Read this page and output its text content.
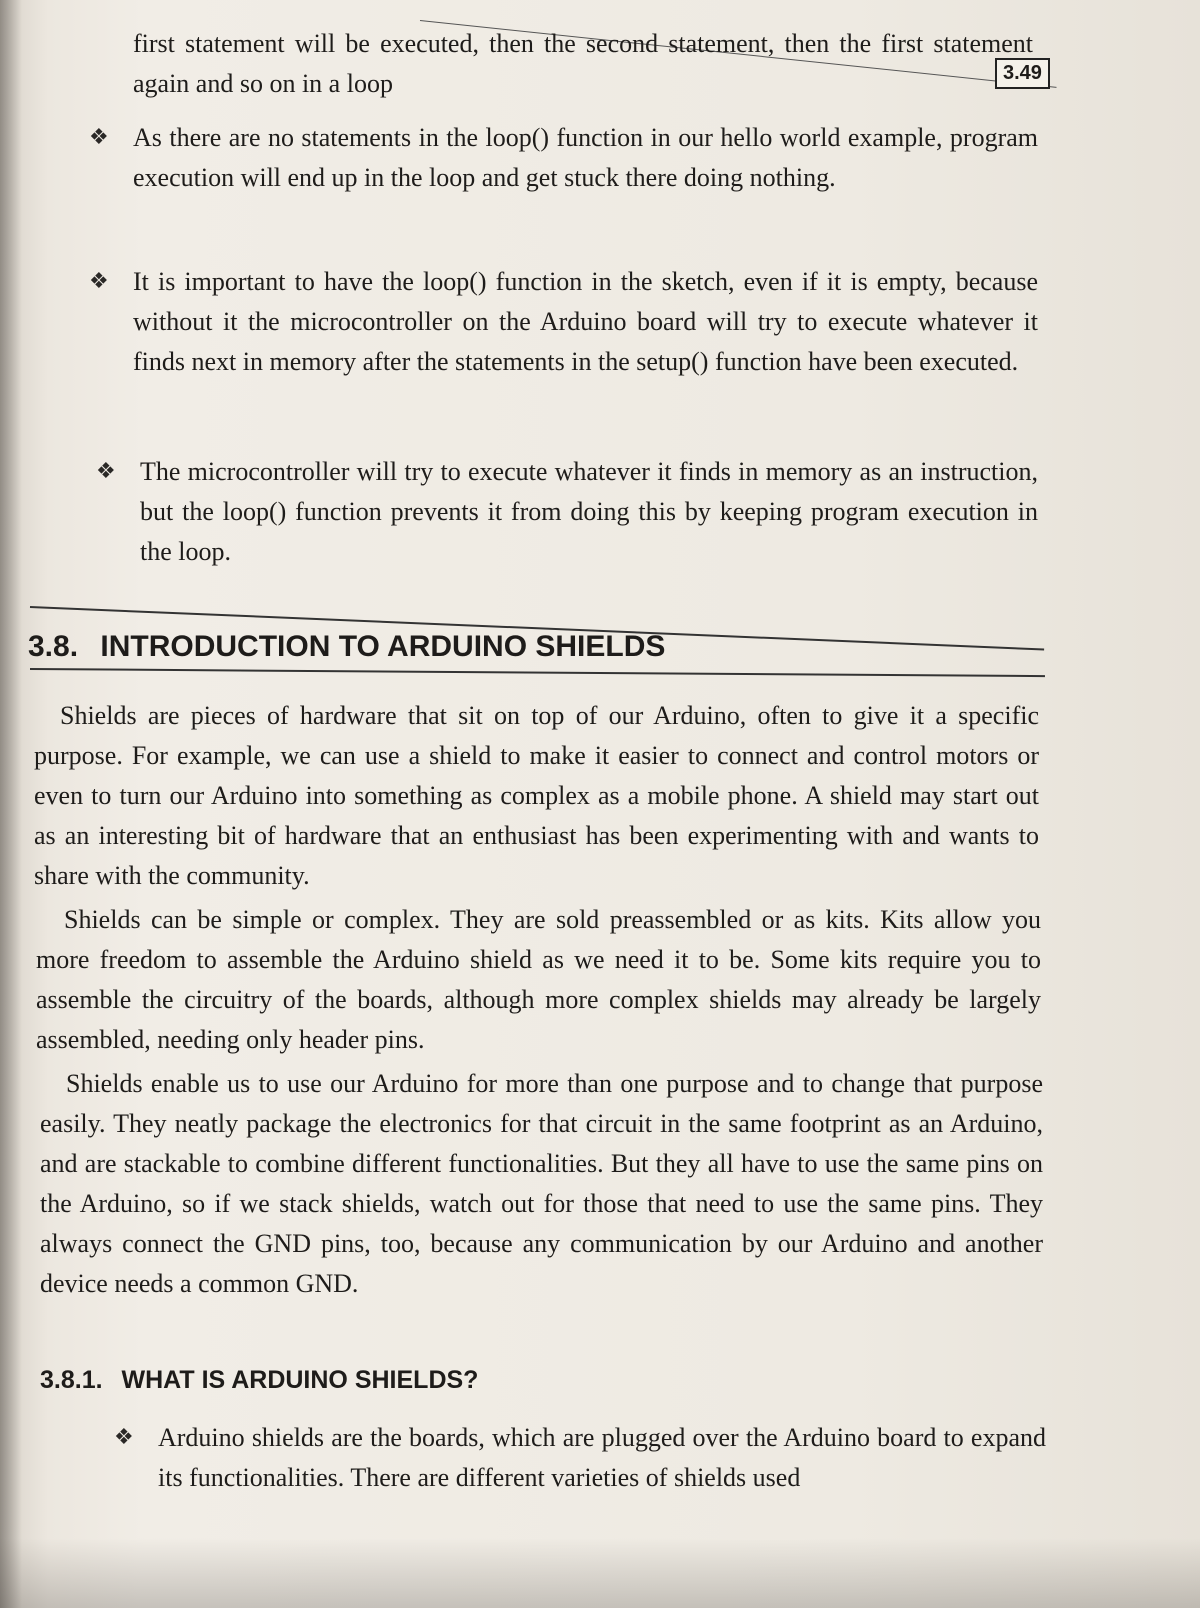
3.49

first statement will be executed, then the second statement, then the first statement again and so on in a loop

❖ As there are no statements in the loop() function in our hello world example, program execution will end up in the loop and get stuck there doing nothing.

❖ It is important to have the loop() function in the sketch, even if it is empty, because without it the microcontroller on the Arduino board will try to execute whatever it finds next in memory after the statements in the setup() function have been executed.

❖ The microcontroller will try to execute whatever it finds in memory as an instruction, but the loop() function prevents it from doing this by keeping program execution in the loop.

3.8. INTRODUCTION TO ARDUINO SHIELDS

Shields are pieces of hardware that sit on top of our Arduino, often to give it a specific purpose. For example, we can use a shield to make it easier to connect and control motors or even to turn our Arduino into something as complex as a mobile phone. A shield may start out as an interesting bit of hardware that an enthusiast has been experimenting with and wants to share with the community.

Shields can be simple or complex. They are sold preassembled or as kits. Kits allow you more freedom to assemble the Arduino shield as we need it to be. Some kits require you to assemble the circuitry of the boards, although more complex shields may already be largely assembled, needing only header pins.

Shields enable us to use our Arduino for more than one purpose and to change that purpose easily. They neatly package the electronics for that circuit in the same footprint as an Arduino, and are stackable to combine different functionalities. But they all have to use the same pins on the Arduino, so if we stack shields, watch out for those that need to use the same pins. They always connect the GND pins, too, because any communication by our Arduino and another device needs a common GND.

3.8.1. WHAT IS ARDUINO SHIELDS?
❖ Arduino shields are the boards, which are plugged over the Arduino board to expand its functionalities. There are different varieties of shields used
